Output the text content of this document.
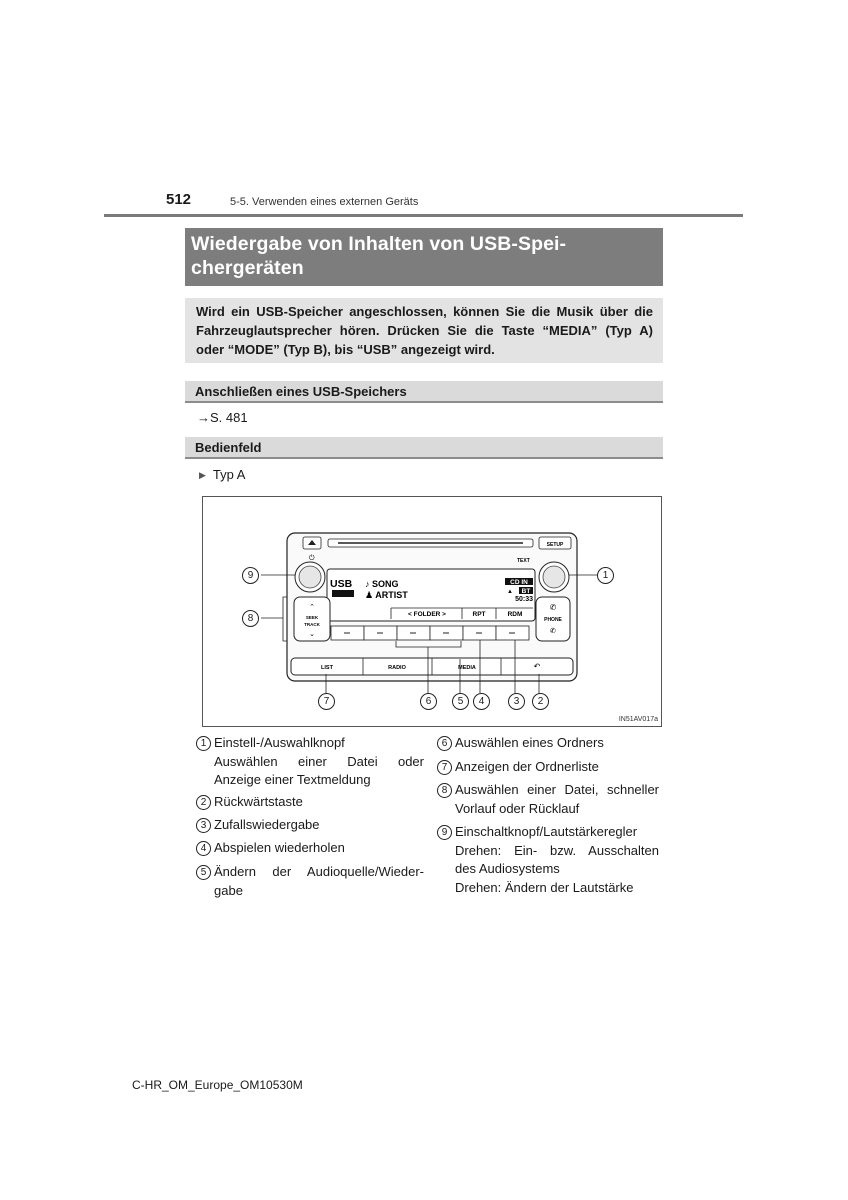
512	5-5. Verwenden eines externen Geräts
Wiedergabe von Inhalten von USB-Spei-
chergeräten
Wird ein USB-Speicher angeschlossen, können Sie die Musik über die
Fahrzeuglautsprecher hören. Drücken Sie die Taste “MEDIA” (Typ A)
oder “MODE” (Typ B), bis “USB” angezeigt wird.
Anschließen eines USB-Speichers
→S. 481
Bedienfeld
▶ Typ A
SETUP
⏻	TEXT
USB ♪ SONG
♟ ARTIST
CD IN
▲ BT
50:33
< FOLDER >	RPT	RDM
⌃
SEEK
TRACK
⌄
✆
PHONE
✆
LIST	RADIO	MEDIA	↶
1
2
3
4
5
6
7
8
9
IN51AV017a
1 Einstell-/Auswahlknopf
Auswählen einer Datei oder
Anzeige einer Textmeldung
2 Rückwärtstaste
3 Zufallswiedergabe
4 Abspielen wiederholen
5 Ändern der Audioquelle/Wieder-
gabe
6 Auswählen eines Ordners
7 Anzeigen der Ordnerliste
8 Auswählen einer Datei, schneller
Vorlauf oder Rücklauf
9 Einschaltknopf/Lautstärkeregler
Drehen: Ein- bzw. Ausschalten
des Audiosystems
Drehen: Ändern der Lautstärke
C-HR_OM_Europe_OM10530M
